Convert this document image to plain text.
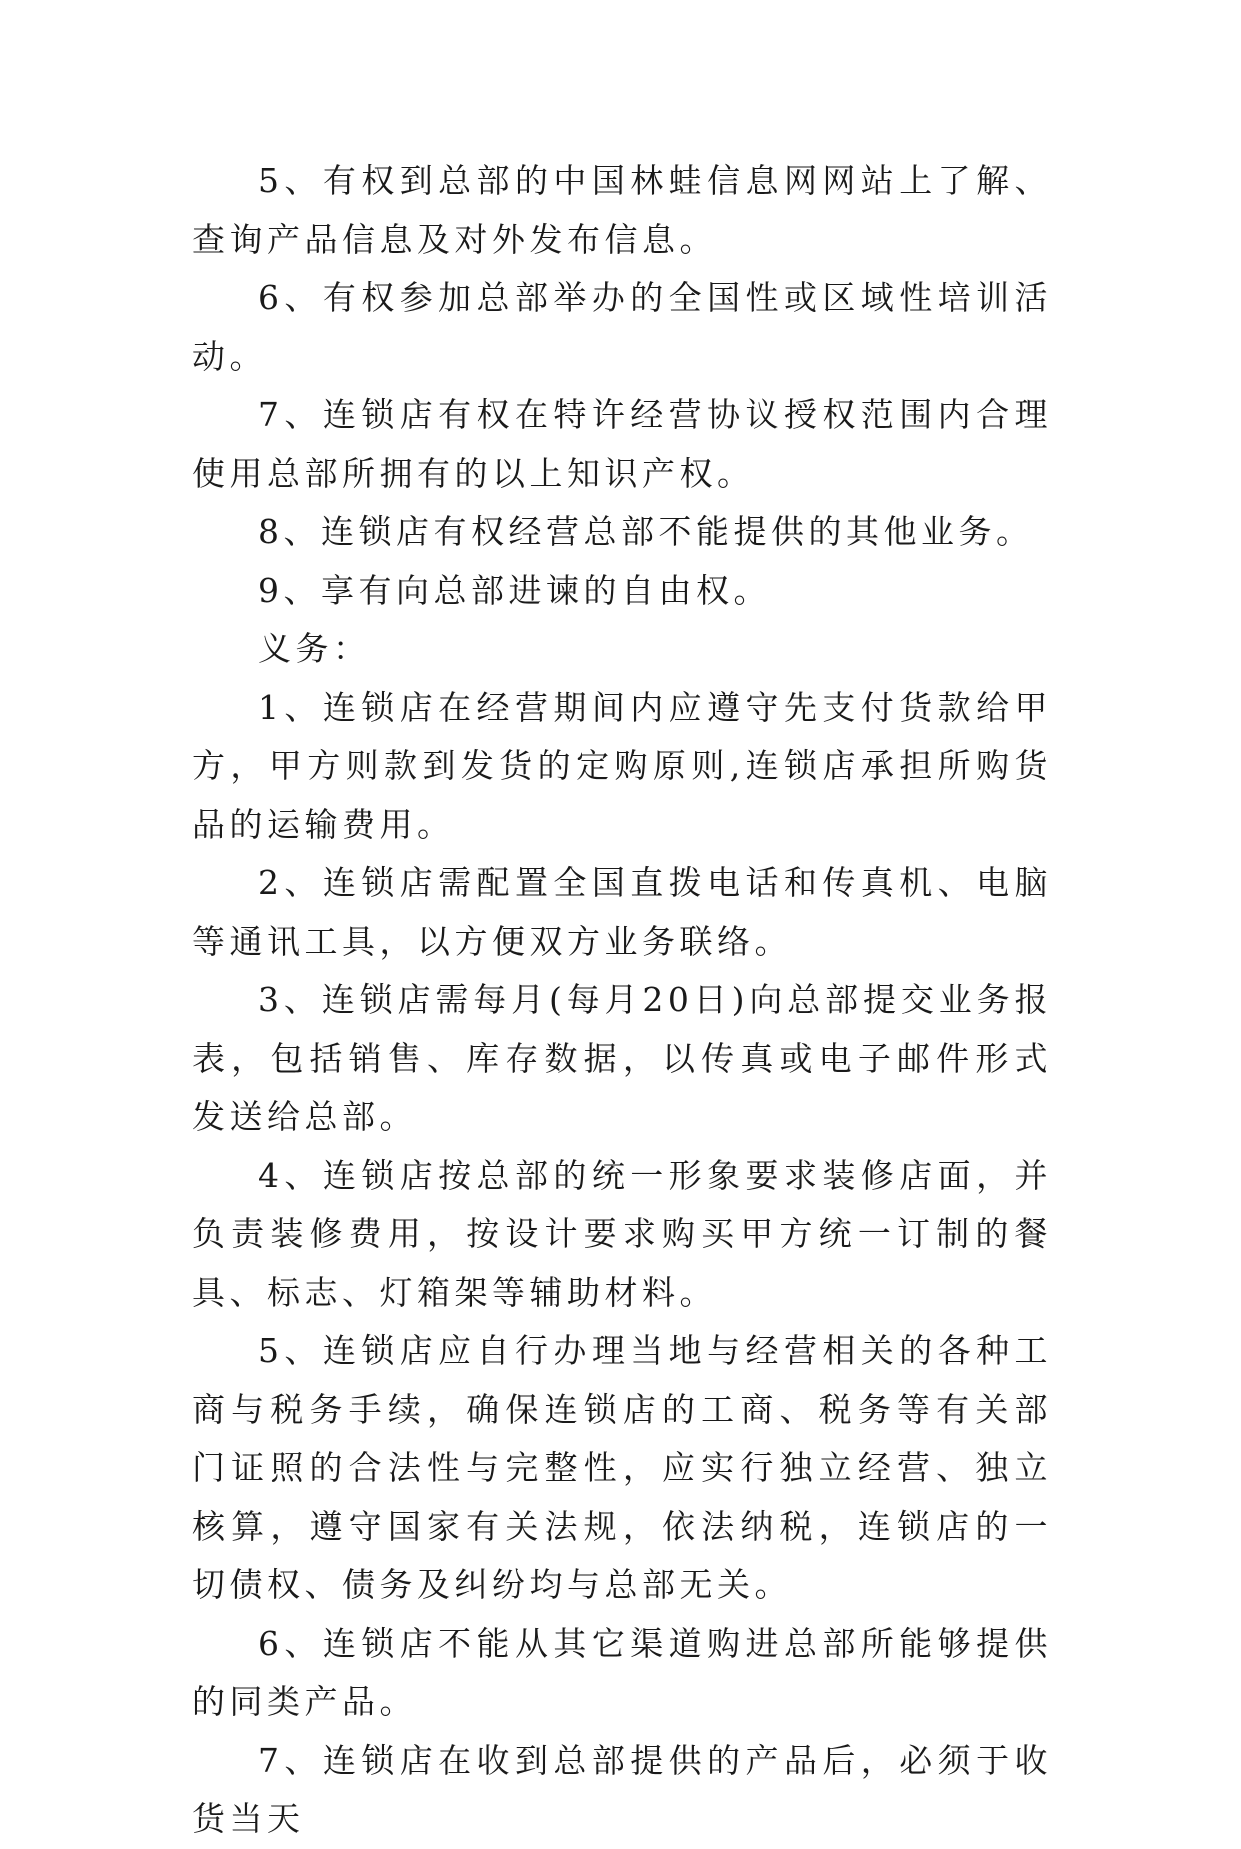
5、有权到总部的中国林蛙信息网网站上了解、查询产品信息及对外发布信息。

6、有权参加总部举办的全国性或区域性培训活动。

7、连锁店有权在特许经营协议授权范围内合理使用总部所拥有的以上知识产权。

8、连锁店有权经营总部不能提供的其他业务。

9、享有向总部进谏的自由权。

义务：

1、连锁店在经营期间内应遵守先支付货款给甲方，甲方则款到发货的定购原则,连锁店承担所购货品的运输费用。

2、连锁店需配置全国直拨电话和传真机、电脑等通讯工具，以方便双方业务联络。

3、连锁店需每月(每月20日)向总部提交业务报表，包括销售、库存数据，以传真或电子邮件形式发送给总部。

4、连锁店按总部的统一形象要求装修店面，并负责装修费用，按设计要求购买甲方统一订制的餐具、标志、灯箱架等辅助材料。

5、连锁店应自行办理当地与经营相关的各种工商与税务手续，确保连锁店的工商、税务等有关部门证照的合法性与完整性，应实行独立经营、独立核算，遵守国家有关法规，依法纳税，连锁店的一切债权、债务及纠纷均与总部无关。

6、连锁店不能从其它渠道购进总部所能够提供的同类产品。

7、连锁店在收到总部提供的产品后，必须于收货当天
